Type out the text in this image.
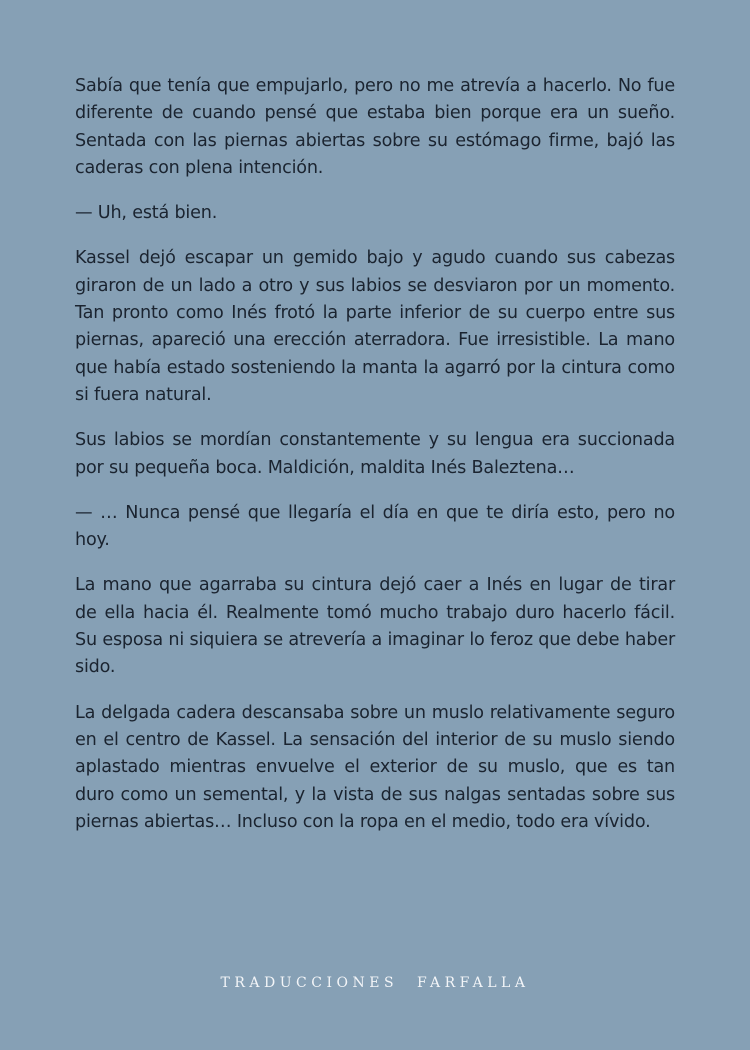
Sabía que tenía que empujarlo, pero no me atrevía a hacerlo. No fue diferente de cuando pensé que estaba bien porque era un sueño. Sentada con las piernas abiertas sobre su estómago firme, bajó las caderas con plena intención.

— Uh, está bien.

Kassel dejó escapar un gemido bajo y agudo cuando sus cabezas giraron de un lado a otro y sus labios se desviaron por un momento. Tan pronto como Inés frotó la parte inferior de su cuerpo entre sus piernas, apareció una erección aterradora. Fue irresistible. La mano que había estado sosteniendo la manta la agarró por la cintura como si fuera natural.

Sus labios se mordían constantemente y su lengua era succionada por su pequeña boca. Maldición, maldita Inés Baleztena…

— … Nunca pensé que llegaría el día en que te diría esto, pero no hoy.

La mano que agarraba su cintura dejó caer a Inés en lugar de tirar de ella hacia él. Realmente tomó mucho trabajo duro hacerlo fácil. Su esposa ni siquiera se atrevería a imaginar lo feroz que debe haber sido.

La delgada cadera descansaba sobre un muslo relativamente seguro en el centro de Kassel. La sensación del interior de su muslo siendo aplastado mientras envuelve el exterior de su muslo, que es tan duro como un semental, y la vista de sus nalgas sentadas sobre sus piernas abiertas… Incluso con la ropa en el medio, todo era vívido.

TRADUCCIONES FARFALLA
